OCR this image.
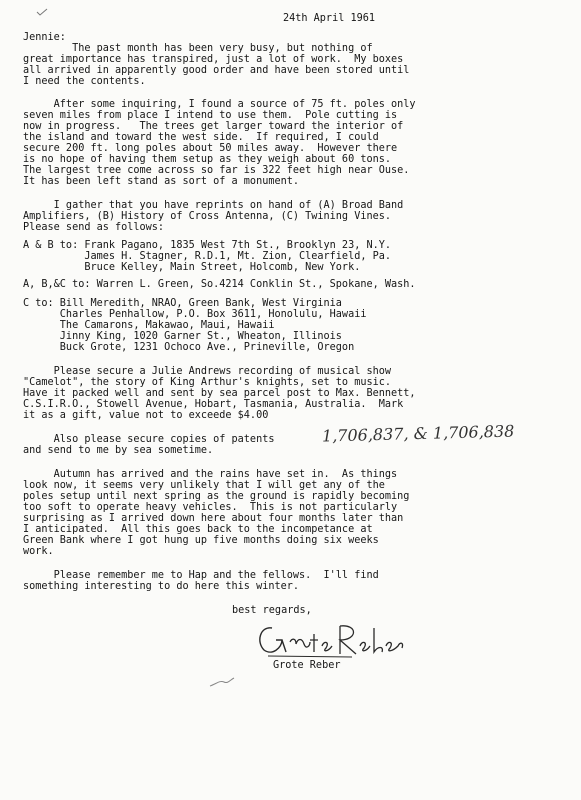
24th April 1961
Jennie:
The past month has been very busy, but nothing of
great importance has transpired, just a lot of work.  My boxes
all arrived in apparently good order and have been stored until
I need the contents.
After some inquiring, I found a source of 75 ft. poles only
seven miles from place I intend to use them.  Pole cutting is
now in progress.   The trees get larger toward the interior of
the island and toward the west side.  If required, I could
secure 200 ft. long poles about 50 miles away.  However there
is no hope of having them setup as they weigh about 60 tons.
The largest tree come across so far is 322 feet high near Ouse.
It has been left stand as sort of a monument.
I gather that you have reprints on hand of (A) Broad Band
Amplifiers, (B) History of Cross Antenna, (C) Twining Vines.
Please send as follows:
A & B to: Frank Pagano, 1835 West 7th St., Brooklyn 23, N.Y.
James H. Stagner, R.D.1, Mt. Zion, Clearfield, Pa.
Bruce Kelley, Main Street, Holcomb, New York.
A, B,&C to: Warren L. Green, So.4214 Conklin St., Spokane, Wash.
C to: Bill Meredith, NRAO, Green Bank, West Virginia
Charles Penhallow, P.O. Box 3611, Honolulu, Hawaii
The Camarons, Makawao, Maui, Hawaii
Jinny King, 1020 Garner St., Wheaton, Illinois
Buck Grote, 1231 Ochoco Ave., Prineville, Oregon
Please secure a Julie Andrews recording of musical show
"Camelot", the story of King Arthur's knights, set to music.
Have it packed well and sent by sea parcel post to Max. Bennett,
C.S.I.R.O., Stowell Avenue, Hobart, Tasmania, Australia.  Mark
it as a gift, value not to exceede $4.00
Also please secure copies of patents	1,706,837, & 1,706,838
and send to me by sea sometime.
Autumn has arrived and the rains have set in.  As things
look now, it seems very unlikely that I will get any of the
poles setup until next spring as the ground is rapidly becoming
too soft to operate heavy vehicles.  This is not particularly
surprising as I arrived down here about four months later than
I anticipated.  All this goes back to the incompetance at
Green Bank where I got hung up five months doing six weeks
work.
Please remember me to Hap and the fellows.  I'll find
something interesting to do here this winter.
best regards,
Grote Reber
